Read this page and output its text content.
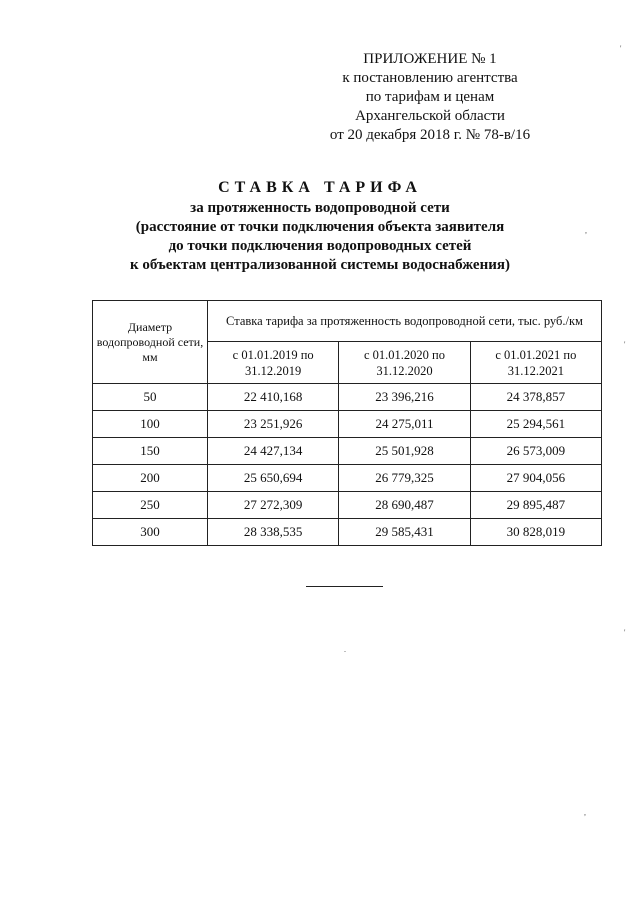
ПРИЛОЖЕНИЕ № 1
к постановлению агентства
по тарифам и ценам
Архангельской области
от 20 декабря 2018 г. № 78-в/16
СТАВКА ТАРИФА
за протяженность водопроводной сети
(расстояние от точки подключения объекта заявителя
до точки подключения водопроводных сетей
к объектам централизованной системы водоснабжения)
Диаметр водопроводной сети, мм	Ставка тарифа за протяженность водопроводной сети, тыс. руб./км		
	с 01.01.2019 по 31.12.2019	с 01.01.2020 по 31.12.2020	с 01.01.2021 по 31.12.2021
50	22 410,168	23 396,216	24 378,857
100	23 251,926	24 275,011	25 294,561
150	24 427,134	25 501,928	26 573,009
200	25 650,694	26 779,325	27 904,056
250	27 272,309	28 690,487	29 895,487
300	28 338,535	29 585,431	30 828,019
'
,
'
'
.
,
